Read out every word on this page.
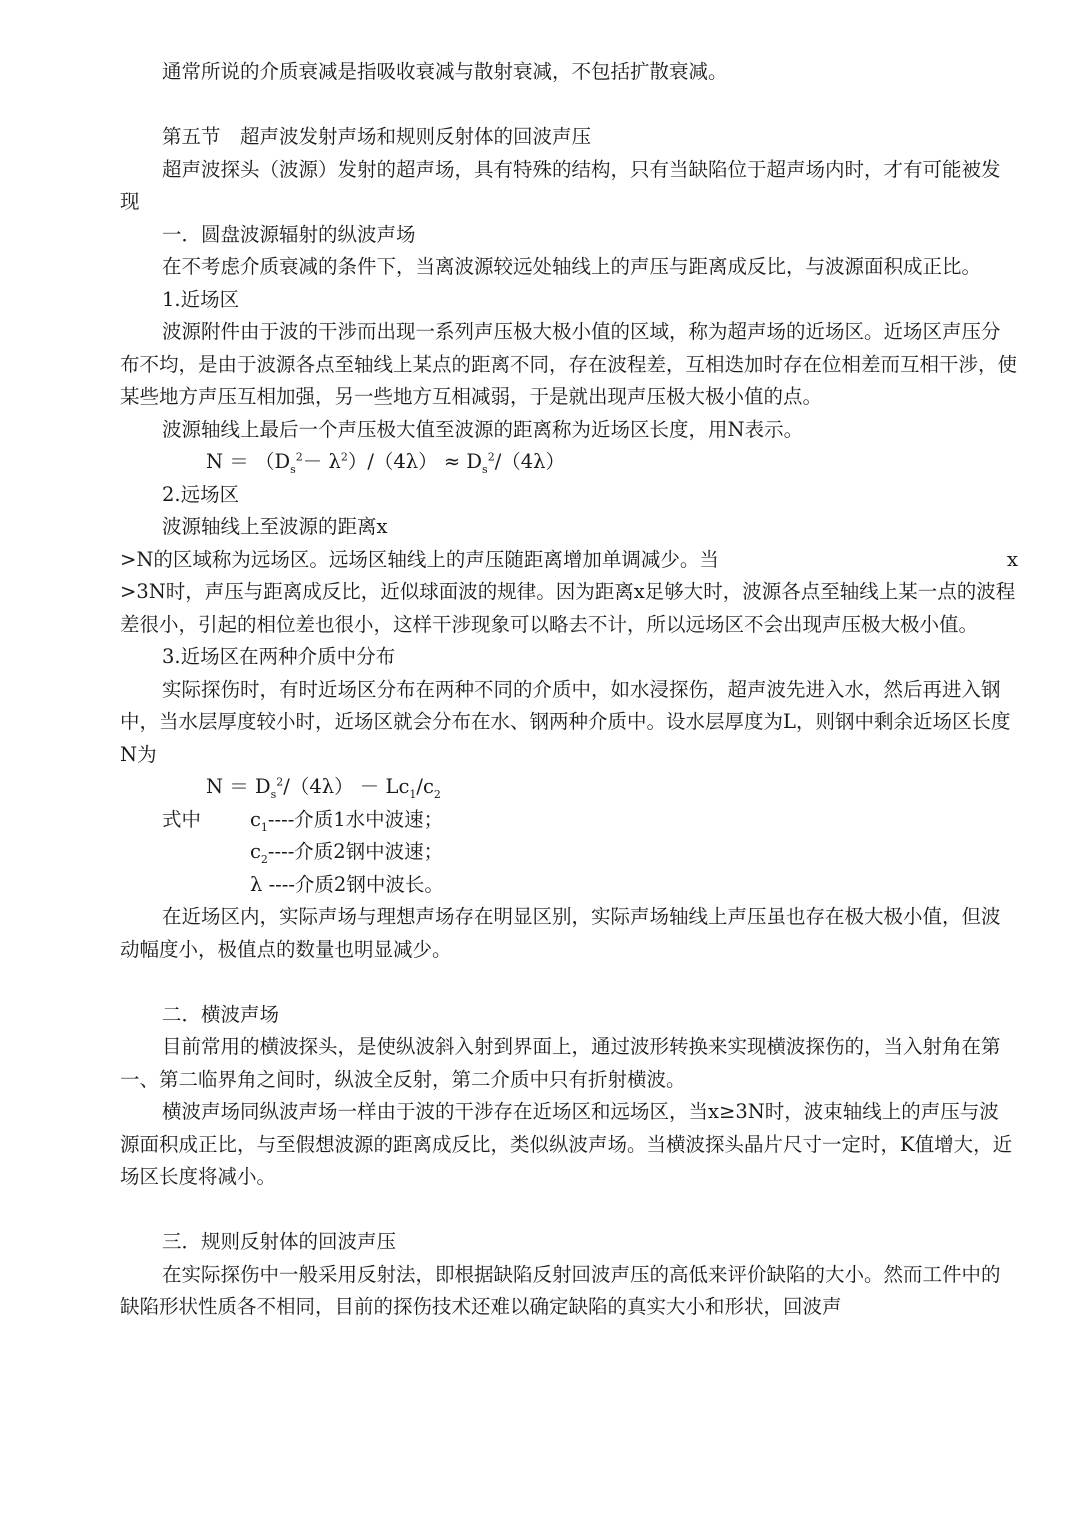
通常所说的介质衰减是指吸收衰减与散射衰减，不包括扩散衰减。

第五节　超声波发射声场和规则反射体的回波声压

超声波探头（波源）发射的超声场，具有特殊的结构，只有当缺陷位于超声场内时，才有可能被发现

一．圆盘波源辐射的纵波声场

在不考虑介质衰减的条件下，当离波源较远处轴线上的声压与距离成反比，与波源面积成正比。

1.近场区

波源附件由于波的干涉而出现一系列声压极大极小值的区域，称为超声场的近场区。近场区声压分布不均，是由于波源各点至轴线上某点的距离不同，存在波程差，互相迭加时存在位相差而互相干涉，使某些地方声压互相加强，另一些地方互相减弱，于是就出现声压极大极小值的点。

波源轴线上最后一个声压极大值至波源的距离称为近场区长度，用N表示。

$N = (D_s^2- \lambda^2)/(4\lambda) \approx D_s^2/(4\lambda)$

2.远场区

波源轴线上至波源的距离x

>N的区域称为远场区。远场区轴线上的声压随距离增加单调减少。当	x

>3N时，声压与距离成反比，近似球面波的规律。因为距离x足够大时，波源各点至轴线上某一点的波程差很小，引起的相位差也很小，这样干涉现象可以略去不计，所以远场区不会出现声压极大极小值。

3.近场区在两种介质中分布

实际探伤时，有时近场区分布在两种不同的介质中，如水浸探伤，超声波先进入水，然后再进入钢中，当水层厚度较小时，近场区就会分布在水、钢两种介质中。设水层厚度为L，则钢中剩余近场区长度N为

$N = D_s^2/(4\lambda) - Lc_1/c_2$

式中	$c_1----$介质1水中波速；

$c_2----$介质2钢中波速；

λ ----介质2钢中波长。

在近场区内，实际声场与理想声场存在明显区别，实际声场轴线上声压虽也存在极大极小值，但波动幅度小，极值点的数量也明显减少。

二．横波声场

目前常用的横波探头，是使纵波斜入射到界面上，通过波形转换来实现横波探伤的，当入射角在第一、第二临界角之间时，纵波全反射，第二介质中只有折射横波。

横波声场同纵波声场一样由于波的干涉存在近场区和远场区，当x≥3N时，波束轴线上的声压与波源面积成正比，与至假想波源的距离成反比，类似纵波声场。当横波探头晶片尺寸一定时，K值增大，近场区长度将减小。

三．规则反射体的回波声压

在实际探伤中一般采用反射法，即根据缺陷反射回波声压的高低来评价缺陷的大小。然而工件中的缺陷形状性质各不相同，目前的探伤技术还难以确定缺陷的真实大小和形状，回波声
